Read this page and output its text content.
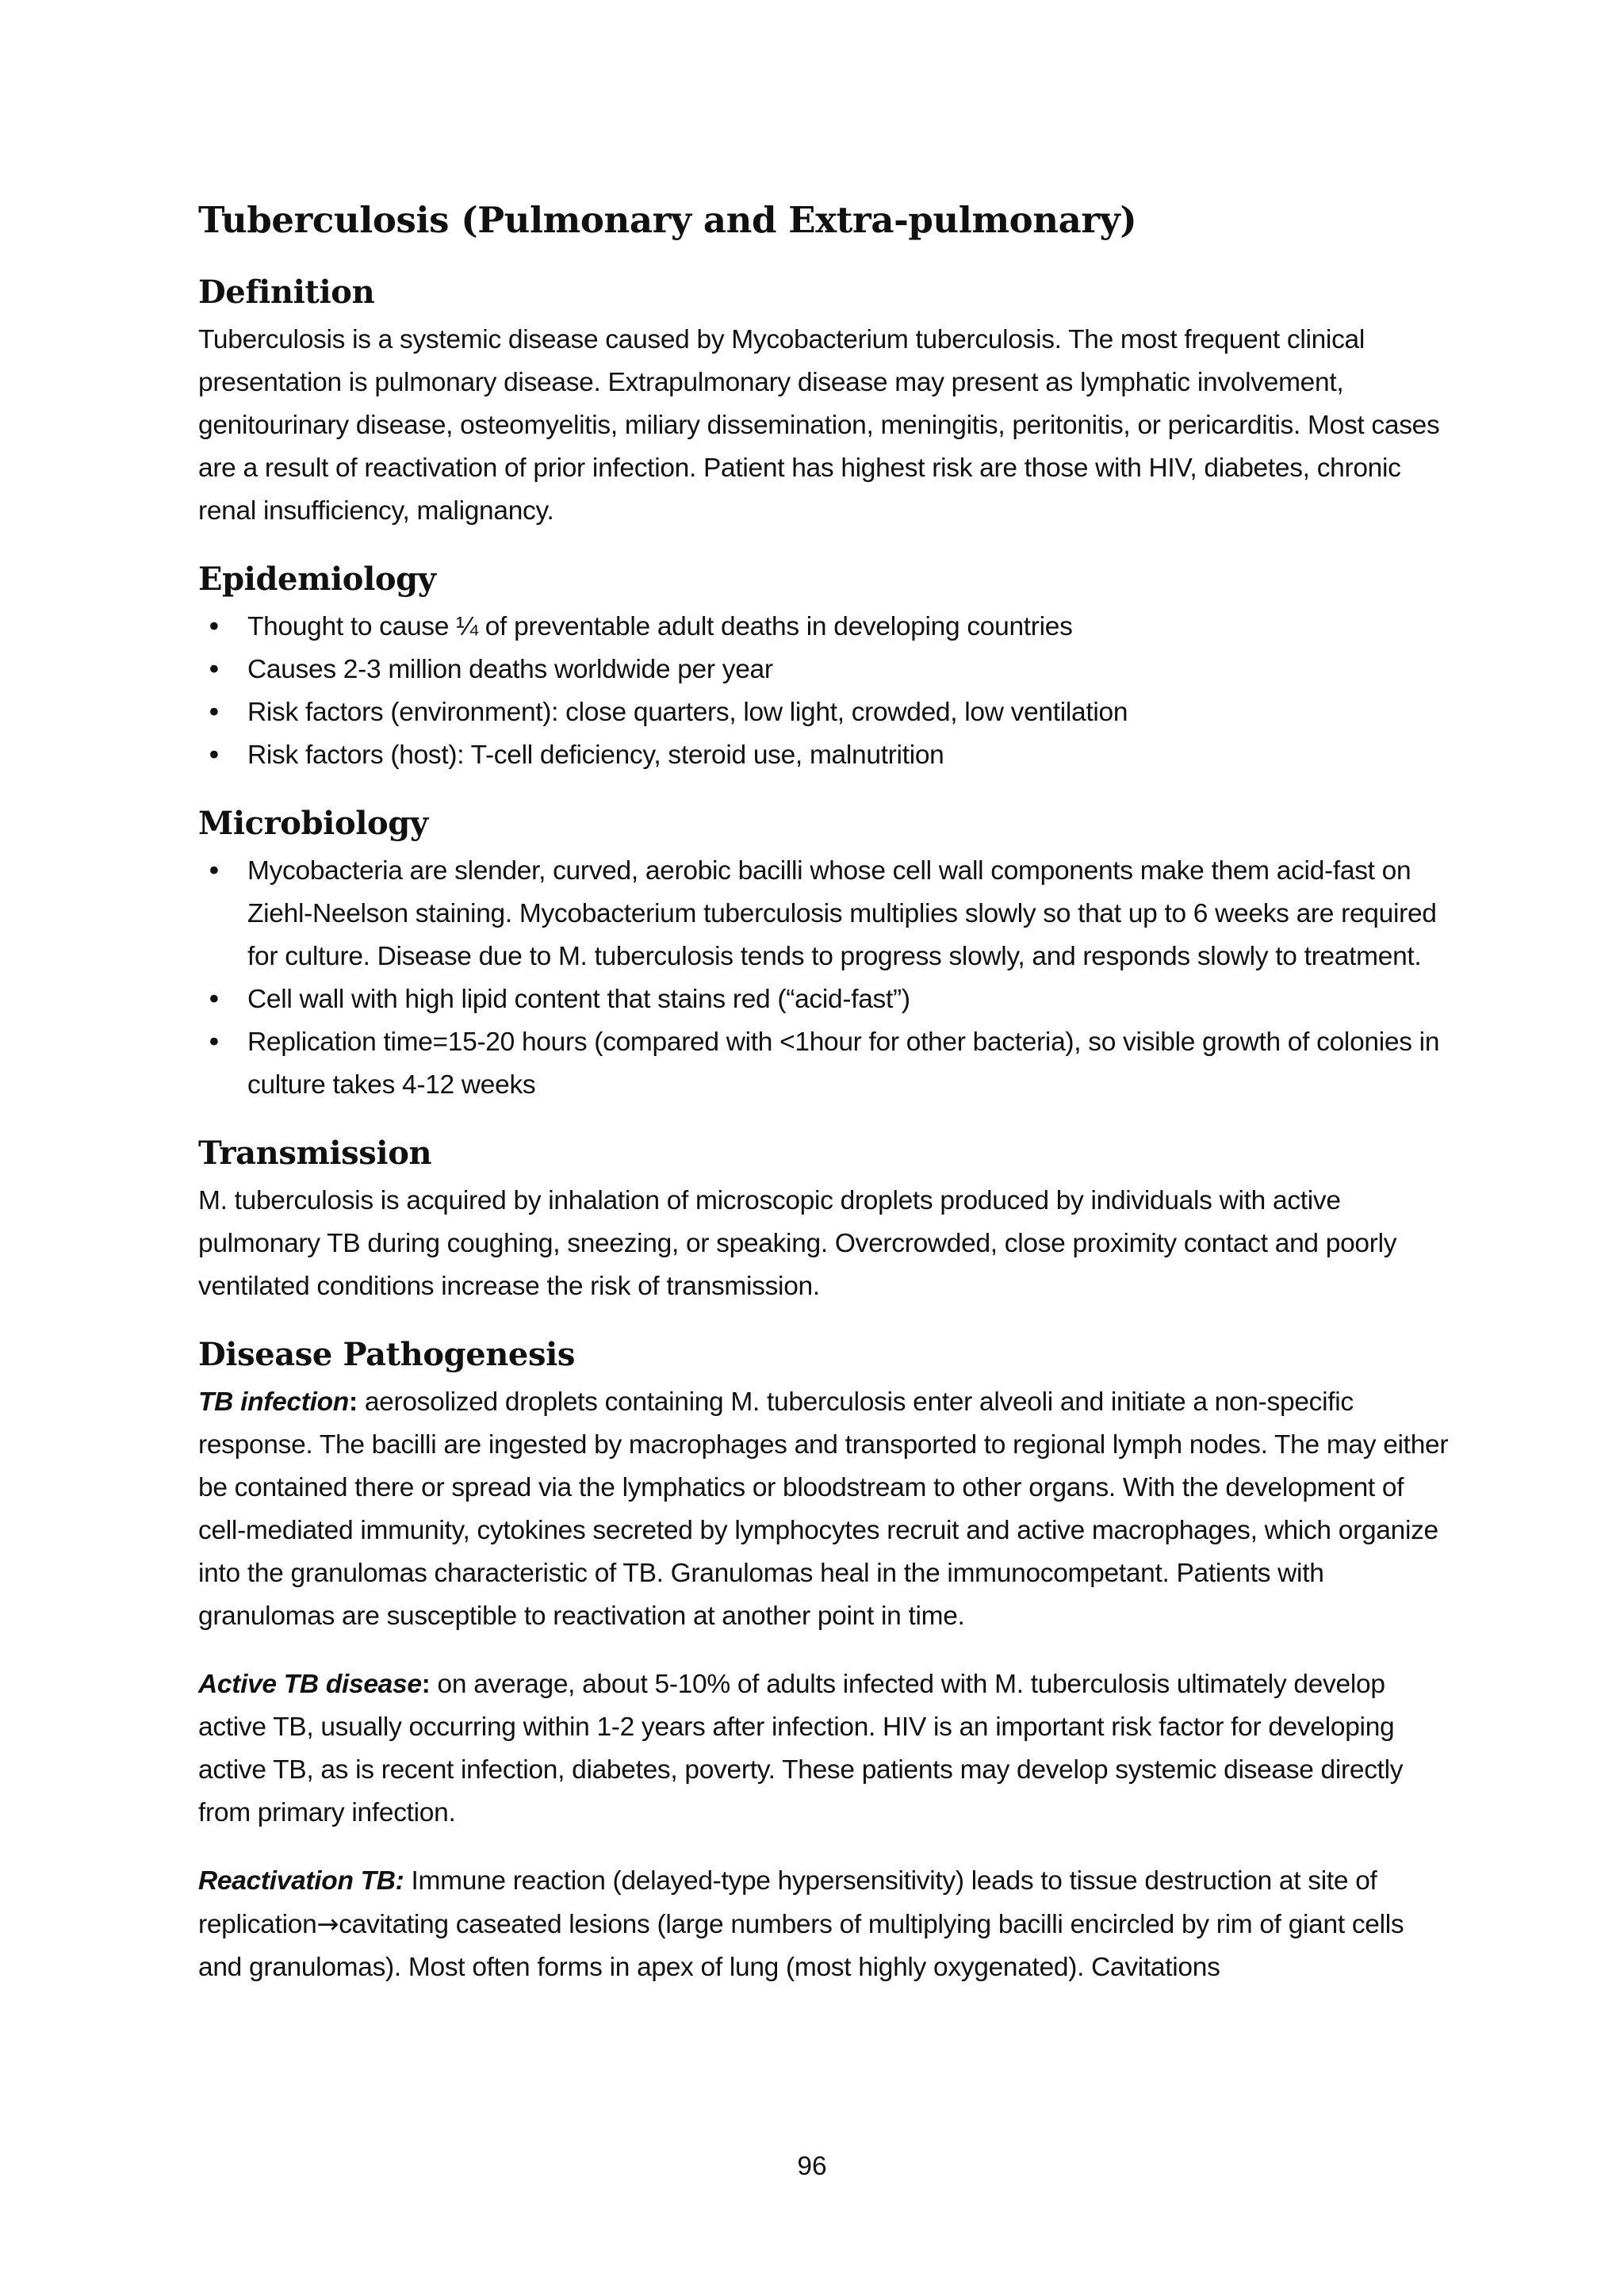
Tuberculosis (Pulmonary and Extra-pulmonary)
Definition

Tuberculosis is a systemic disease caused by Mycobacterium tuberculosis. The most frequent clinical presentation is pulmonary disease. Extrapulmonary disease may present as lymphatic involvement, genitourinary disease, osteomyelitis, miliary dissemination, meningitis, peritonitis, or pericarditis. Most cases are a result of reactivation of prior infection. Patient has highest risk are those with HIV, diabetes, chronic renal insufficiency, malignancy.

Epidemiology
• Thought to cause ¼ of preventable adult deaths in developing countries
• Causes 2-3 million deaths worldwide per year
• Risk factors (environment): close quarters, low light, crowded, low ventilation
• Risk factors (host): T-cell deficiency, steroid use, malnutrition
Microbiology
• Mycobacteria are slender, curved, aerobic bacilli whose cell wall components make them acid-fast on Ziehl-Neelson staining. Mycobacterium tuberculosis multiplies slowly so that up to 6 weeks are required for culture. Disease due to M. tuberculosis tends to progress slowly, and responds slowly to treatment.
• Cell wall with high lipid content that stains red (“acid-fast”)
• Replication time=15-20 hours (compared with <1hour for other bacteria), so visible growth of colonies in culture takes 4-12 weeks
Transmission

M. tuberculosis is acquired by inhalation of microscopic droplets produced by individuals with active pulmonary TB during coughing, sneezing, or speaking. Overcrowded, close proximity contact and poorly ventilated conditions increase the risk of transmission.

Disease Pathogenesis

TB infection: aerosolized droplets containing M. tuberculosis enter alveoli and initiate a non-specific response. The bacilli are ingested by macrophages and transported to regional lymph nodes. The may either be contained there or spread via the lymphatics or bloodstream to other organs. With the development of cell-mediated immunity, cytokines secreted by lymphocytes recruit and active macrophages, which organize into the granulomas characteristic of TB. Granulomas heal in the immunocompetant. Patients with granulomas are susceptible to reactivation at another point in time.

Active TB disease: on average, about 5-10% of adults infected with M. tuberculosis ultimately develop active TB, usually occurring within 1-2 years after infection. HIV is an important risk factor for developing active TB, as is recent infection, diabetes, poverty. These patients may develop systemic disease directly from primary infection.

Reactivation TB: Immune reaction (delayed-type hypersensitivity) leads to tissue destruction at site of replication→cavitating caseated lesions (large numbers of multiplying bacilli encircled by rim of giant cells and granulomas). Most often forms in apex of lung (most highly oxygenated). Cavitations

96
